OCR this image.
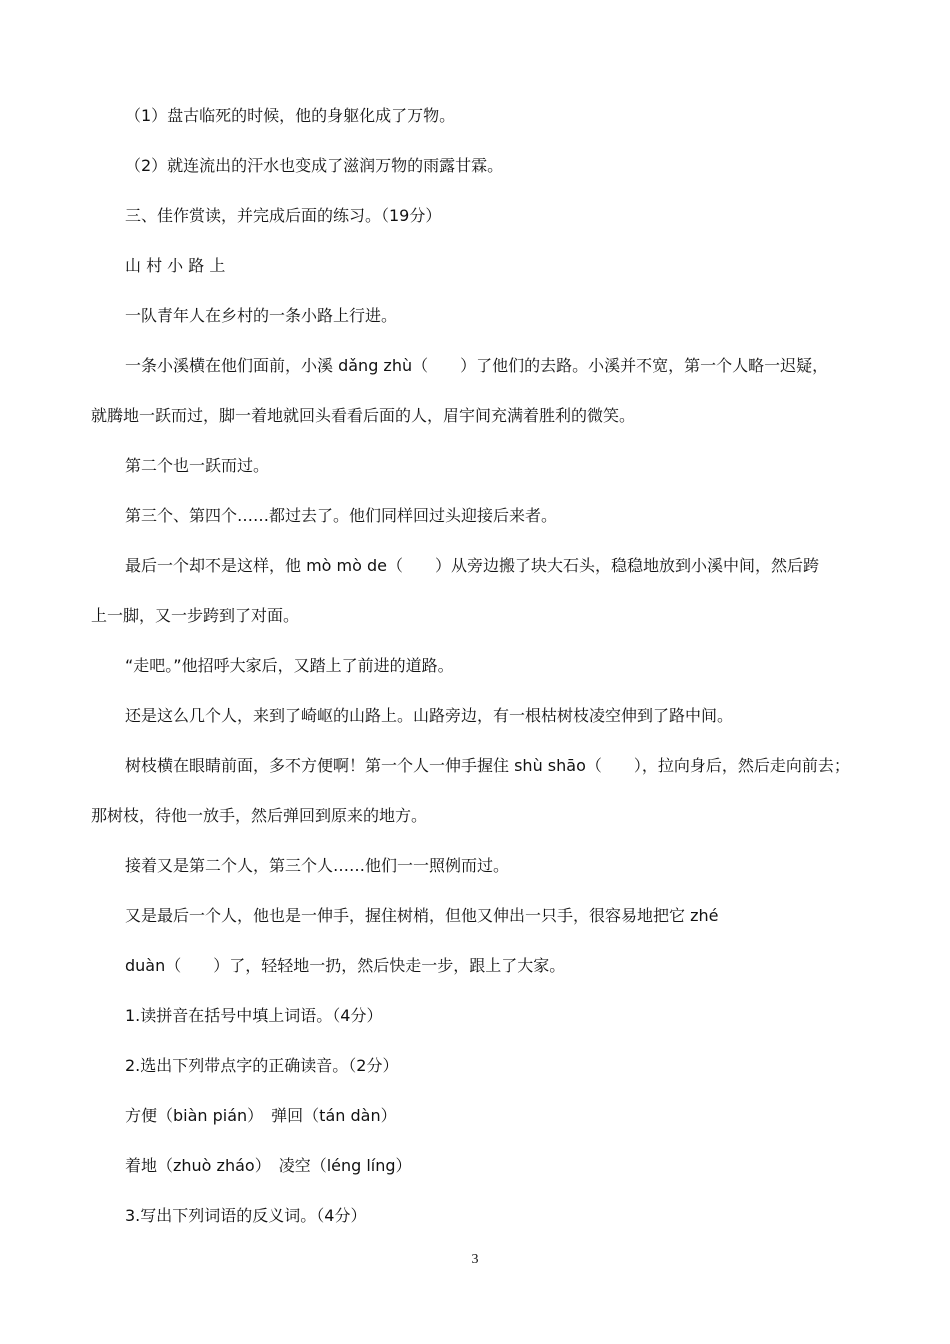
（1）盘古临死的时候，他的身躯化成了万物。
（2）就连流出的汗水也变成了滋润万物的雨露甘霖。
三、佳作赏读，并完成后面的练习。（19分）
山 村 小 路 上
一队青年人在乡村的一条小路上行进。
一条小溪横在他们面前，小溪 dǎng zhù（　　）了他们的去路。小溪并不宽，第一个人略一迟疑，
就腾地一跃而过，脚一着地就回头看看后面的人，眉宇间充满着胜利的微笑。
第二个也一跃而过。
第三个、第四个……都过去了。他们同样回过头迎接后来者。
最后一个却不是这样，他 mò mò de（　　）从旁边搬了块大石头，稳稳地放到小溪中间，然后跨
上一脚，又一步跨到了对面。
“走吧。”他招呼大家后，又踏上了前进的道路。
还是这么几个人，来到了崎岖的山路上。山路旁边，有一根枯树枝凌空伸到了路中间。
树枝横在眼睛前面，多不方便啊！第一个人一伸手握住 shù shāo（　　），拉向身后，然后走向前去；
那树枝，待他一放手，然后弹回到原来的地方。
接着又是第二个人，第三个人……他们一一照例而过。
又是最后一个人，他也是一伸手，握住树梢，但他又伸出一只手，很容易地把它 zhé
duàn（　　）了，轻轻地一扔，然后快走一步，跟上了大家。
1.读拼音在括号中填上词语。（4分）
2.选出下列带点字的正确读音。（2分）
方便（biàn pián）　弹回（tán dàn）
着地（zhuò zháo）　凌空（léng líng）
3.写出下列词语的反义词。（4分）
3
